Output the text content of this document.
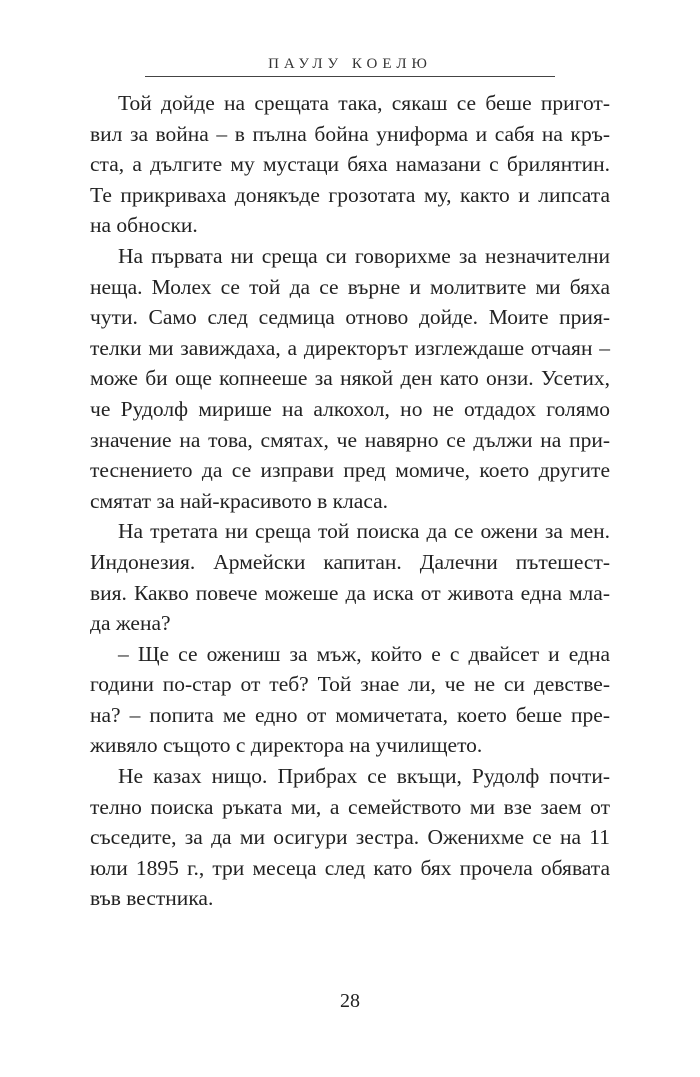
ПАУЛУ КОЕЛЮ
Той дойде на срещата така, сякаш се беше пригот-
вил за война – в пълна бойна униформа и сабя на кръ-
ста, а дългите му мустаци бяха намазани с брилянтин.
Те прикриваха донякъде грозотата му, както и липсата
на обноски.
На първата ни среща си говорихме за незначителни
неща. Молех се той да се върне и молитвите ми бяха
чути. Само след седмица отново дойде. Моите прия-
телки ми завиждаха, а директорът изглеждаше отчаян –
може би още копнееше за някой ден като онзи. Усетих,
че Рудолф мирише на алкохол, но не отдадох голямо
значение на това, смятах, че навярно се дължи на при-
теснението да се изправи пред момиче, което другите
смятат за най-красивото в класа.
На третата ни среща той поиска да се ожени за мен.
Индонезия. Армейски капитан. Далечни пътешест-
вия. Какво повече можеше да иска от живота една мла-
да жена?
– Ще се ожениш за мъж, който е с двайсет и една
години по-стар от теб? Той знае ли, че не си девстве-
на? – попита ме едно от момичетата, което беше пре-
живяло същото с директора на училището.
Не казах нищо. Прибрах се вкъщи, Рудолф почти-
телно поиска ръката ми, а семейството ми взе заем от
съседите, за да ми осигури зестра. Оженихме се на 11
юли 1895 г., три месеца след като бях прочела обявата
във вестника.
28
